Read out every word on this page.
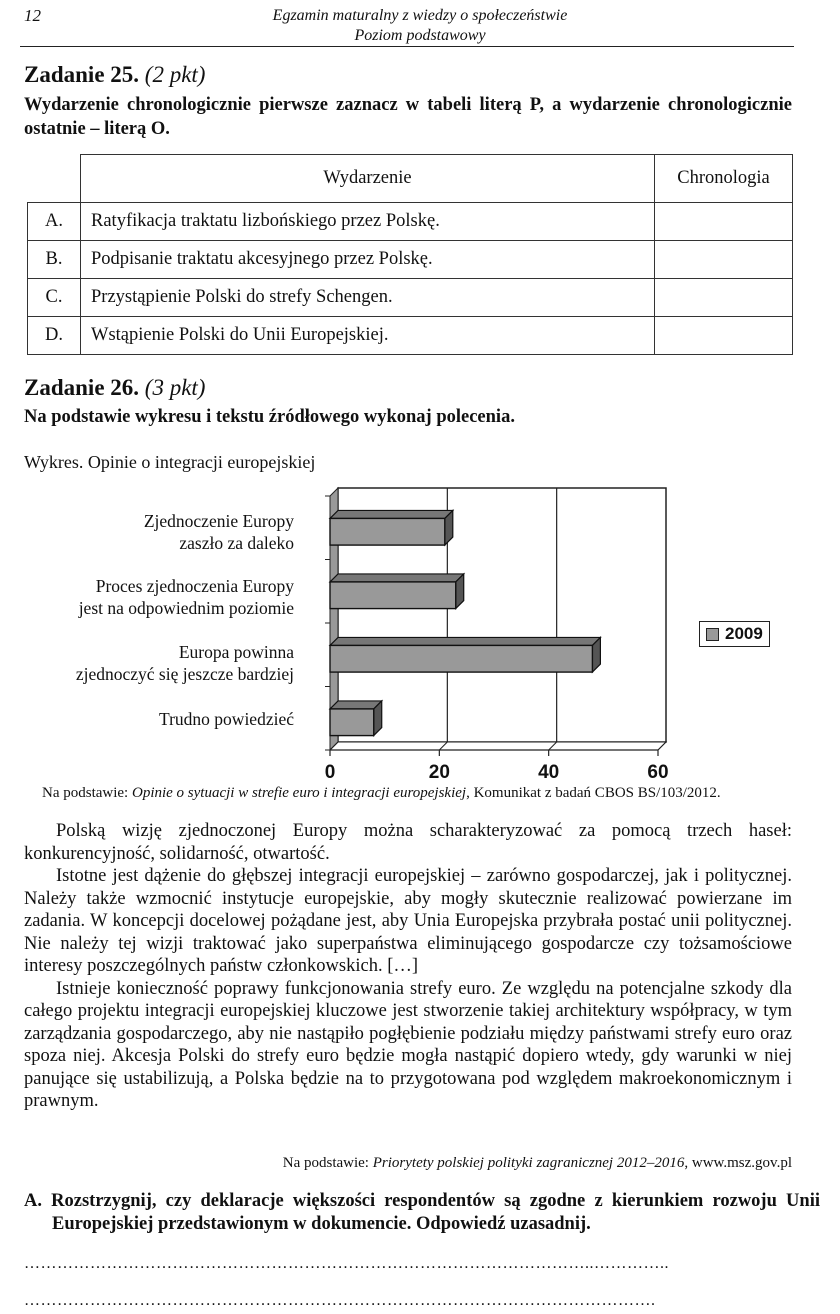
12	Egzamin maturalny z wiedzy o społeczeństwie
Poziom podstawowy
Zadanie 25. (2 pkt)
Wydarzenie chronologicznie pierwsze zaznacz w tabeli literą P, a wydarzenie chronologicznie ostatnie – literą O.
	Wydarzenie	Chronologia
A.	Ratyfikacja traktatu lizbońskiego przez Polskę.	
B.	Podpisanie traktatu akcesyjnego przez Polskę.	
C.	Przystąpienie Polski do strefy Schengen.	
D.	Wstąpienie Polski do Unii Europejskiej.	
Zadanie 26. (3 pkt)
Na podstawie wykresu i tekstu źródłowego wykonaj polecenia.
Wykres. Opinie o integracji europejskiej
Zjednoczenie Europy
zaszło za daleko
Proces zjednoczenia Europy
jest na odpowiednim poziomie
Europa powinna
zjednoczyć się jeszcze bardziej
Trudno powiedzieć
0	20	40	60
2009
Na podstawie: Opinie o sytuacji w strefie euro i integracji europejskiej, Komunikat z badań CBOS BS/103/2012.

Polską wizję zjednoczonej Europy można scharakteryzować za pomocą trzech haseł: konkurencyjność, solidarność, otwartość.

Istotne jest dążenie do głębszej integracji europejskiej – zarówno gospodarczej, jak i politycznej. Należy także wzmocnić instytucje europejskie, aby mogły skutecznie realizować powierzane im zadania. W koncepcji docelowej pożądane jest, aby Unia Europejska przybrała postać unii politycznej. Nie należy tej wizji traktować jako superpaństwa eliminującego gospodarcze czy tożsamościowe interesy poszczególnych państw członkowskich. […]

Istnieje konieczność poprawy funkcjonowania strefy euro. Ze względu na potencjalne szkody dla całego projektu integracji europejskiej kluczowe jest stworzenie takiej architektury współpracy, w tym zarządzania gospodarczego, aby nie nastąpiło pogłębienie podziału między państwami strefy euro oraz spoza niej. Akcesja Polski do strefy euro będzie mogła nastąpić dopiero wtedy, gdy warunki w niej panujące się ustabilizują, a Polska będzie na to przygotowana pod względem makroekonomicznym i prawnym.

Na podstawie: Priorytety polskiej polityki zagranicznej 2012–2016, www.msz.gov.pl
A. Rozstrzygnij, czy deklaracje większości respondentów są zgodne z kierunkiem rozwoju Unii Europejskiej przedstawionym w dokumencie. Odpowiedź uzasadnij.
…………………………………………………………………………………………..…………..
…………………………………………………………………………………………………….
